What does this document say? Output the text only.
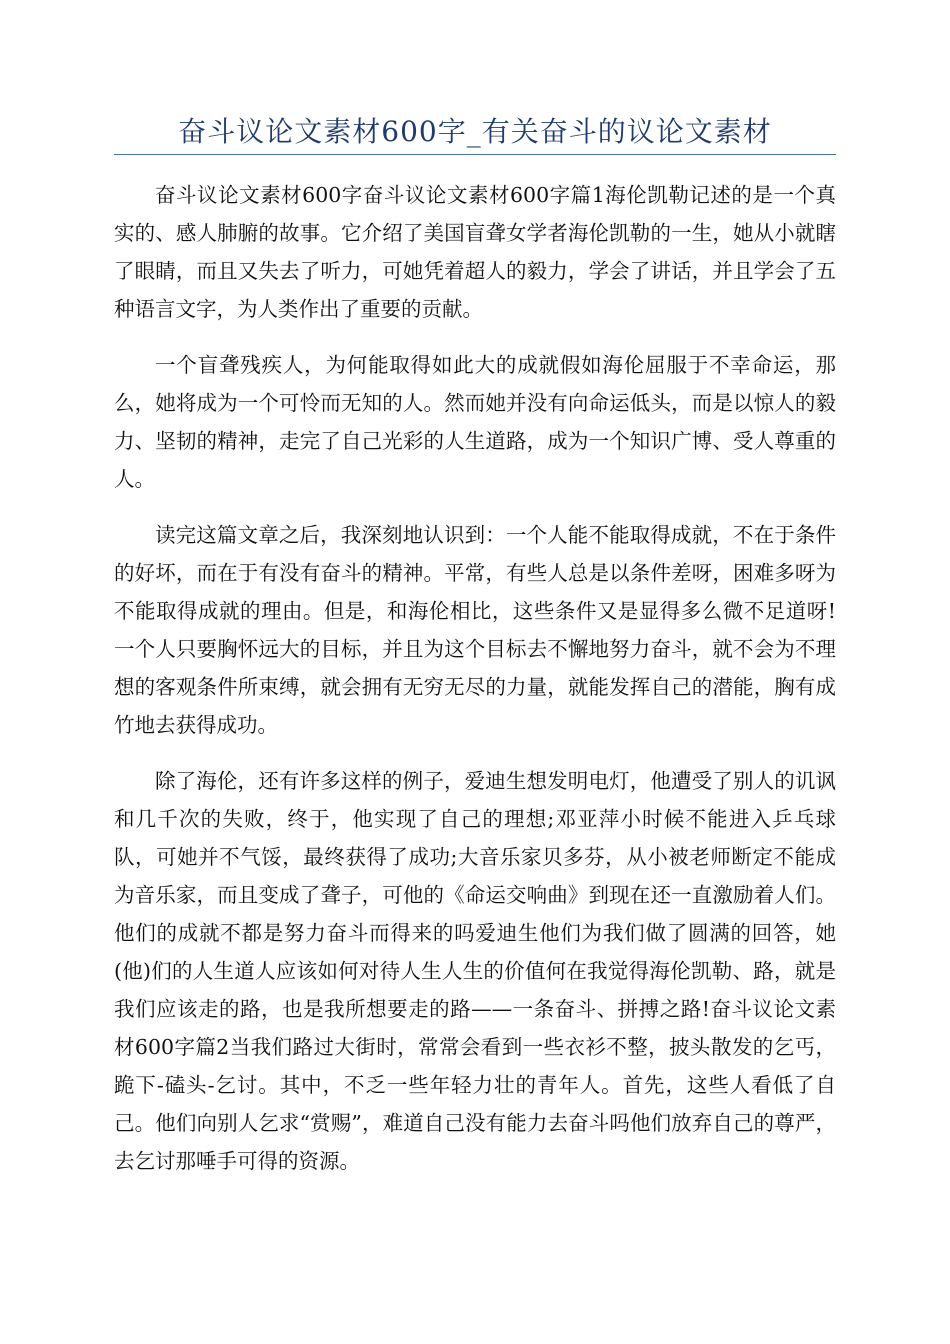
奋斗议论文素材600字_有关奋斗的议论文素材

奋斗议论文素材600字奋斗议论文素材600字篇1海伦凯勒记述的是一个真实的、感人肺腑的故事。它介绍了美国盲聋女学者海伦凯勒的一生，她从小就瞎了眼睛，而且又失去了听力，可她凭着超人的毅力，学会了讲话，并且学会了五种语言文字，为人类作出了重要的贡献。

一个盲聋残疾人，为何能取得如此大的成就假如海伦屈服于不幸命运，那么，她将成为一个可怜而无知的人。然而她并没有向命运低头，而是以惊人的毅力、坚韧的精神，走完了自己光彩的人生道路，成为一个知识广博、受人尊重的人。

读完这篇文章之后，我深刻地认识到：一个人能不能取得成就，不在于条件的好坏，而在于有没有奋斗的精神。平常，有些人总是以条件差呀，困难多呀为不能取得成就的理由。但是，和海伦相比，这些条件又是显得多么微不足道呀!一个人只要胸怀远大的目标，并且为这个目标去不懈地努力奋斗，就不会为不理想的客观条件所束缚，就会拥有无穷无尽的力量，就能发挥自己的潜能，胸有成竹地去获得成功。

除了海伦，还有许多这样的例子，爱迪生想发明电灯，他遭受了别人的讥讽和几千次的失败，终于，他实现了自己的理想;邓亚萍小时候不能进入乒乓球队，可她并不气馁，最终获得了成功;大音乐家贝多芬，从小被老师断定不能成为音乐家，而且变成了聋子，可他的《命运交响曲》到现在还一直激励着人们。他们的成就不都是努力奋斗而得来的吗爱迪生他们为我们做了圆满的回答，她(他)们的人生道人应该如何对待人生人生的价值何在我觉得海伦凯勒、路，就是我们应该走的路，也是我所想要走的路——一条奋斗、拼搏之路!奋斗议论文素材600字篇2当我们路过大街时，常常会看到一些衣衫不整，披头散发的乞丐，跪下-磕头-乞讨。其中，不乏一些年轻力壮的青年人。首先，这些人看低了自己。他们向别人乞求“赏赐”，难道自己没有能力去奋斗吗他们放弃自己的尊严，去乞讨那唾手可得的资源。
